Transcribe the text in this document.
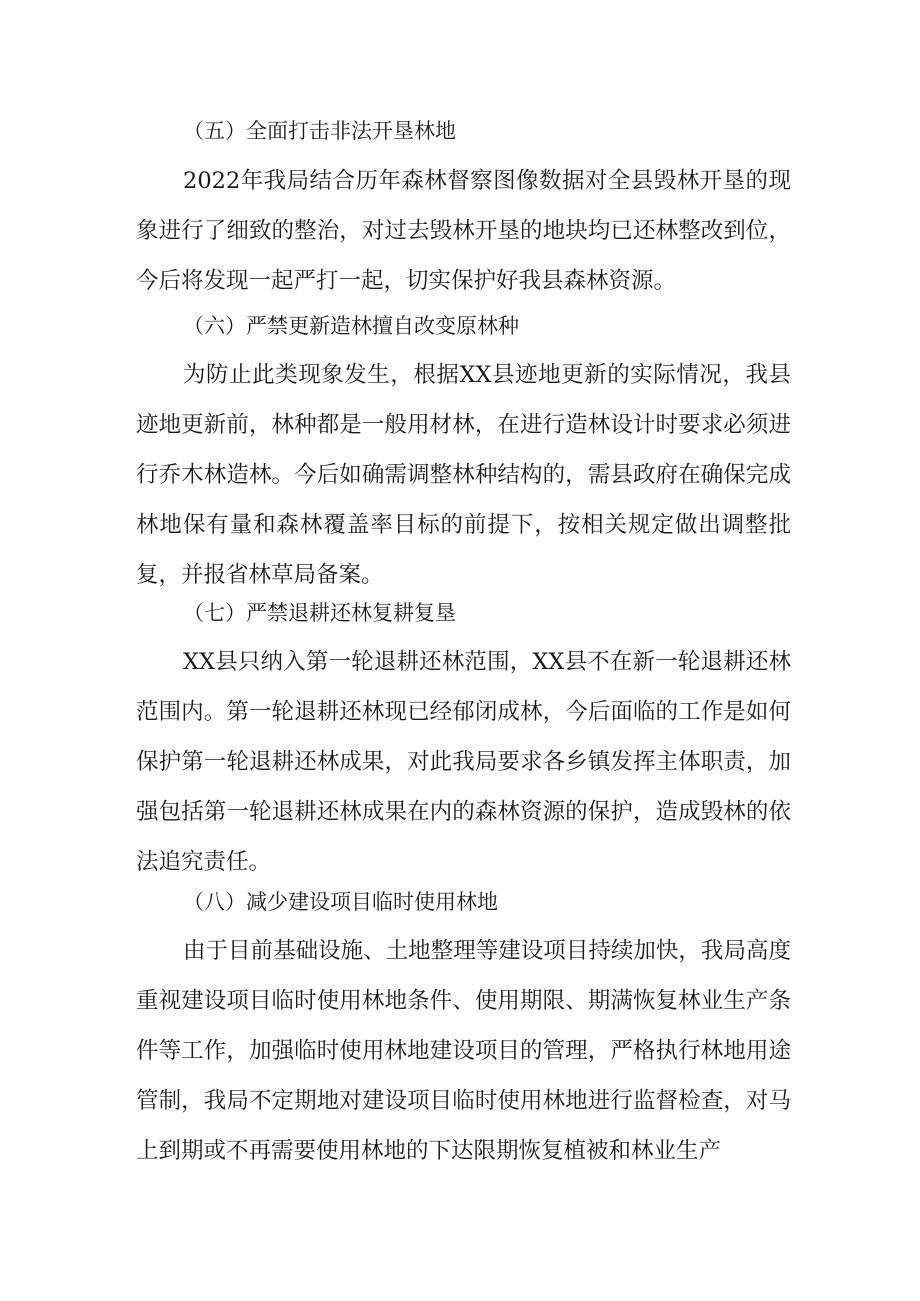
（五）全面打击非法开垦林地

2022年我局结合历年森林督察图像数据对全县毁林开垦的现象进行了细致的整治，对过去毁林开垦的地块均已还林整改到位，今后将发现一起严打一起，切实保护好我县森林资源。

（六）严禁更新造林擅自改变原林种

为防止此类现象发生，根据XX县迹地更新的实际情况，我县迹地更新前，林种都是一般用材林，在进行造林设计时要求必须进行乔木林造林。今后如确需调整林种结构的，需县政府在确保完成林地保有量和森林覆盖率目标的前提下，按相关规定做出调整批复，并报省林草局备案。

（七）严禁退耕还林复耕复垦

XX县只纳入第一轮退耕还林范围，XX县不在新一轮退耕还林范围内。第一轮退耕还林现已经郁闭成林，今后面临的工作是如何保护第一轮退耕还林成果，对此我局要求各乡镇发挥主体职责，加强包括第一轮退耕还林成果在内的森林资源的保护，造成毁林的依法追究责任。

（八）减少建设项目临时使用林地

由于目前基础设施、土地整理等建设项目持续加快，我局高度重视建设项目临时使用林地条件、使用期限、期满恢复林业生产条件等工作，加强临时使用林地建设项目的管理，严格执行林地用途管制，我局不定期地对建设项目临时使用林地进行监督检查，对马上到期或不再需要使用林地的下达限期恢复植被和林业生产
